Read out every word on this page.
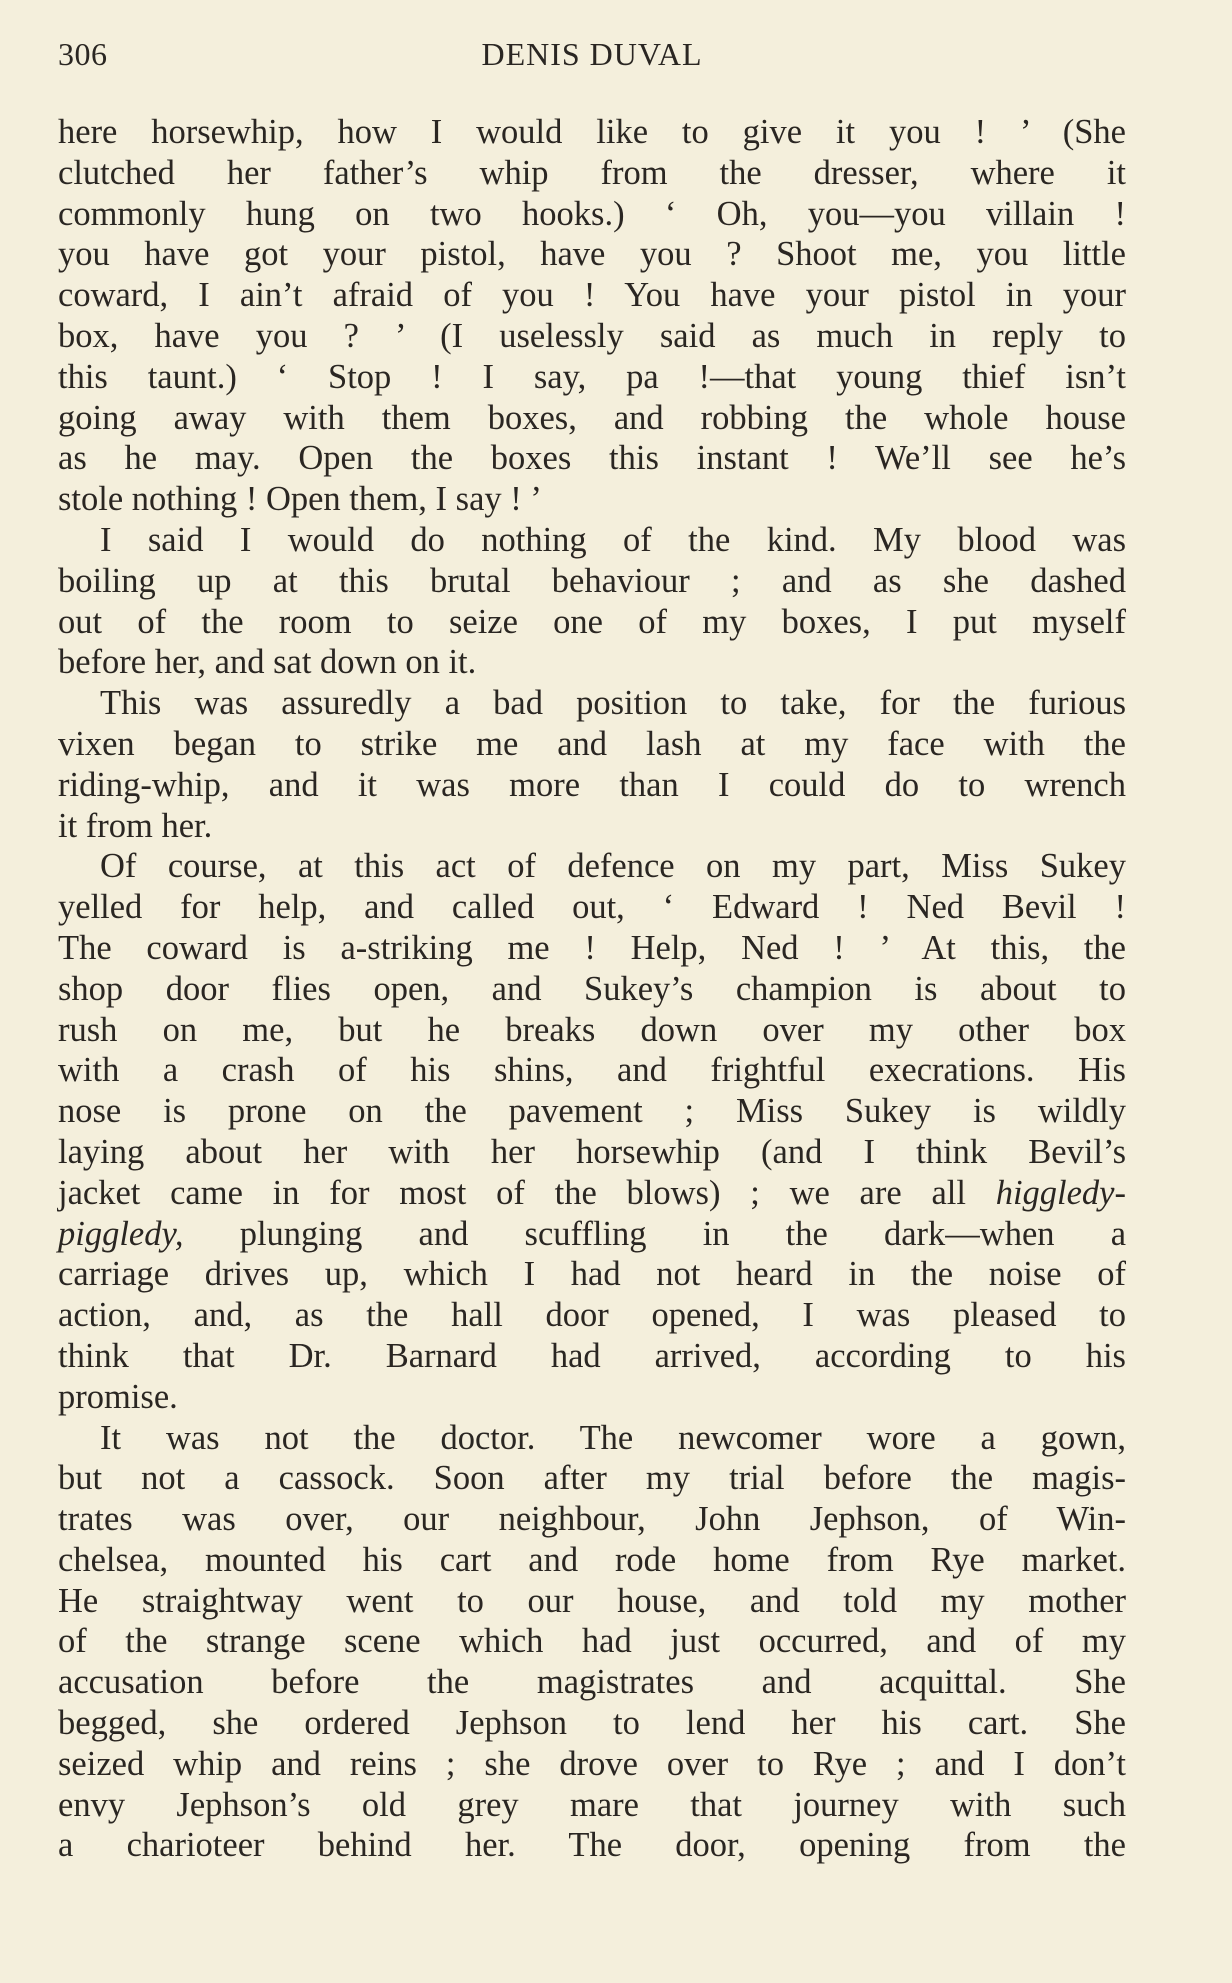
306	DENIS DUVAL
here horsewhip, how I would like to give it you ! ’ (She
clutched her father’s whip from the dresser, where it
commonly hung on two hooks.) ‘ Oh, you—you villain !
you have got your pistol, have you ? Shoot me, you little
coward, I ain’t afraid of you ! You have your pistol in your
box, have you ? ’ (I uselessly said as much in reply to
this taunt.) ‘ Stop ! I say, pa !—that young thief isn’t
going away with them boxes, and robbing the whole house
as he may. Open the boxes this instant ! We’ll see he’s
stole nothing ! Open them, I say ! ’
I said I would do nothing of the kind. My blood was
boiling up at this brutal behaviour ; and as she dashed
out of the room to seize one of my boxes, I put myself
before her, and sat down on it.
This was assuredly a bad position to take, for the furious
vixen began to strike me and lash at my face with the
riding-whip, and it was more than I could do to wrench
it from her.
Of course, at this act of defence on my part, Miss Sukey
yelled for help, and called out, ‘ Edward ! Ned Bevil !
The coward is a-striking me ! Help, Ned ! ’ At this, the
shop door flies open, and Sukey’s champion is about to
rush on me, but he breaks down over my other box
with a crash of his shins, and frightful execrations. His
nose is prone on the pavement ; Miss Sukey is wildly
laying about her with her horsewhip (and I think Bevil’s
jacket came in for most of the blows) ; we are all higgledy-
piggledy, plunging and scuffling in the dark—when a
carriage drives up, which I had not heard in the noise of
action, and, as the hall door opened, I was pleased to
think that Dr. Barnard had arrived, according to his
promise.
It was not the doctor. The newcomer wore a gown,
but not a cassock. Soon after my trial before the magis-
trates was over, our neighbour, John Jephson, of Win-
chelsea, mounted his cart and rode home from Rye market.
He straightway went to our house, and told my mother
of the strange scene which had just occurred, and of my
accusation before the magistrates and acquittal. She
begged, she ordered Jephson to lend her his cart. She
seized whip and reins ; she drove over to Rye ; and I don’t
envy Jephson’s old grey mare that journey with such
a charioteer behind her. The door, opening from the
